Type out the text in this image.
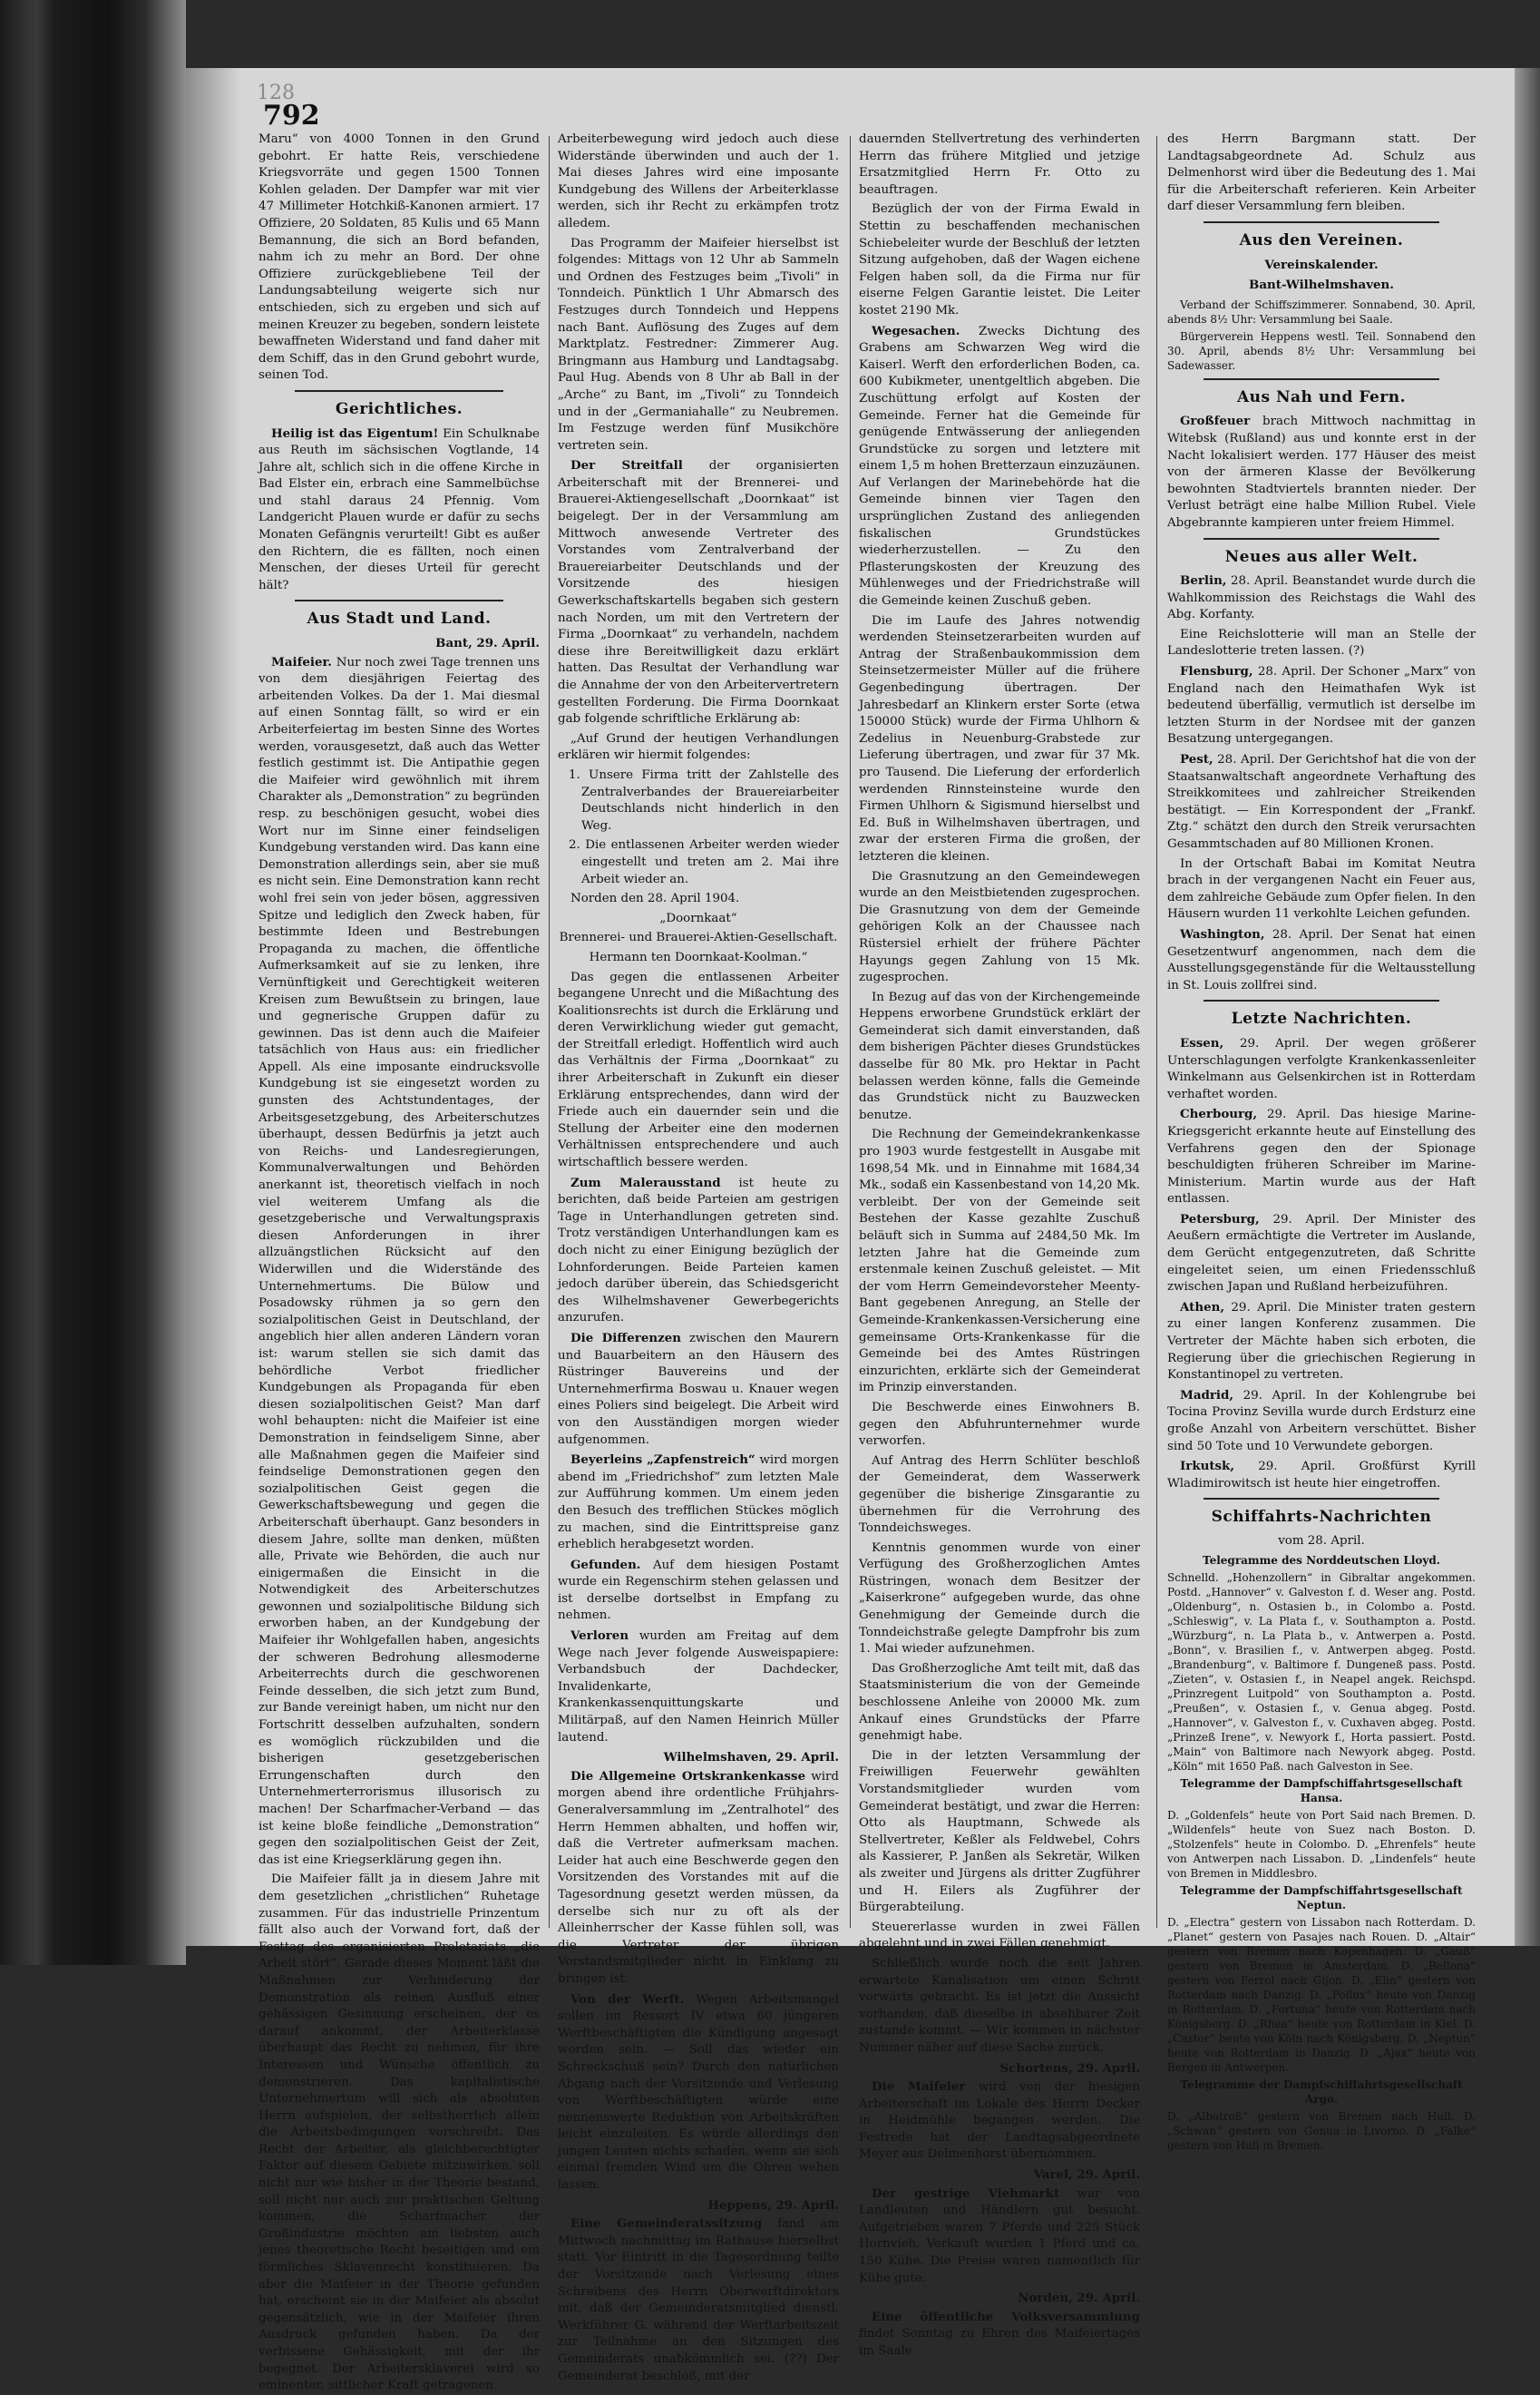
128
792

Maru“ von 4000 Tonnen in den Grund gebohrt. Er hatte Reis, verschiedene Kriegsvorräte und gegen 1500 Tonnen Kohlen geladen. Der Dampfer war mit vier 47 Millimeter Hotchkiß-Kanonen armiert. 17 Offiziere, 20 Soldaten, 85 Kulis und 65 Mann Bemannung, die sich an Bord befanden, nahm ich zu mehr an Bord. Der ohne Offiziere zurückgebliebene Teil der Landungsabteilung weigerte sich nur entschieden, sich zu ergeben und sich auf meinen Kreuzer zu begeben, sondern leistete bewaffneten Widerstand und fand daher mit dem Schiff, das in den Grund gebohrt wurde, seinen Tod.

Gerichtliches.

Heilig ist das Eigentum! Ein Schulknabe aus Reuth im sächsischen Vogtlande, 14 Jahre alt, schlich sich in die offene Kirche in Bad Elster ein, erbrach eine Sammelbüchse und stahl daraus 24 Pfennig. Vom Landgericht Plauen wurde er dafür zu sechs Monaten Gefängnis verurteilt! Gibt es außer den Richtern, die es fällten, noch einen Menschen, der dieses Urteil für gerecht hält?

Aus Stadt und Land.
Bant, 29. April.

Maifeier. Nur noch zwei Tage trennen uns von dem diesjährigen Feiertag des arbeitenden Volkes. Da der 1. Mai diesmal auf einen Sonntag fällt, so wird er ein Arbeiterfeiertag im besten Sinne des Wortes werden, vorausgesetzt, daß auch das Wetter festlich gestimmt ist. Die Antipathie gegen die Maifeier wird gewöhnlich mit ihrem Charakter als „Demonstration“ zu begründen resp. zu beschönigen gesucht, wobei dies Wort nur im Sinne einer feindseligen Kundgebung verstanden wird. Das kann eine Demonstration allerdings sein, aber sie muß es nicht sein. Eine Demonstration kann recht wohl frei sein von jeder bösen, aggressiven Spitze und lediglich den Zweck haben, für bestimmte Ideen und Bestrebungen Propaganda zu machen, die öffentliche Aufmerksamkeit auf sie zu lenken, ihre Vernünftigkeit und Gerechtigkeit weiteren Kreisen zum Bewußtsein zu bringen, laue und gegnerische Gruppen dafür zu gewinnen. Das ist denn auch die Maifeier tatsächlich von Haus aus: ein friedlicher Appell. Als eine imposante eindrucksvolle Kundgebung ist sie eingesetzt worden zu gunsten des Achtstundentages, der Arbeitsgesetzgebung, des Arbeiterschutzes überhaupt, dessen Bedürfnis ja jetzt auch von Reichs- und Landesregierungen, Kommunalverwaltungen und Behörden anerkannt ist, theoretisch vielfach in noch viel weiterem Umfang als die gesetzgeberische und Verwaltungspraxis diesen Anforderungen in ihrer allzuängstlichen Rücksicht auf den Widerwillen und die Widerstände des Unternehmertums. Die Bülow und Posadowsky rühmen ja so gern den sozialpolitischen Geist in Deutschland, der angeblich hier allen anderen Ländern voran ist: warum stellen sie sich damit das behördliche Verbot friedlicher Kundgebungen als Propaganda für eben diesen sozialpolitischen Geist? Man darf wohl behaupten: nicht die Maifeier ist eine Demonstration in feindseligem Sinne, aber alle Maßnahmen gegen die Maifeier sind feindselige Demonstrationen gegen den sozialpolitischen Geist gegen die Gewerkschaftsbewegung und gegen die Arbeiterschaft überhaupt. Ganz besonders in diesem Jahre, sollte man denken, müßten alle, Private wie Behörden, die auch nur einigermaßen die Einsicht in die Notwendigkeit des Arbeiterschutzes gewonnen und sozialpolitische Bildung sich erworben haben, an der Kundgebung der Maifeier ihr Wohlgefallen haben, angesichts der schweren Bedrohung allesmoderne Arbeiterrechts durch die geschworenen Feinde desselben, die sich jetzt zum Bund, zur Bande vereinigt haben, um nicht nur den Fortschritt desselben aufzuhalten, sondern es womöglich rückzubilden und die bisherigen gesetzgeberischen Errungenschaften durch den Unternehmerterrorismus illusorisch zu machen! Der Scharfmacher-Verband — das ist keine bloße feindliche „Demonstration“ gegen den sozialpolitischen Geist der Zeit, das ist eine Kriegserklärung gegen ihn.

Die Maifeier fällt ja in diesem Jahre mit dem gesetzlichen „christlichen“ Ruhetage zusammen. Für das industrielle Prinzentum fällt also auch der Vorwand fort, daß der Festtag des organisierten Proletariats „die Arbeit stört“. Gerade dieses Moment läßt die Maßnahmen zur Verhinderung der Demonstration als reinen Ausfluß einer gehässigen Gesinnung erscheinen, der es darauf ankommt, der Arbeiterklasse überhaupt das Recht zu nehmen, für ihre Interessen und Wünsche öffentlich zu demonstrieren. Das kapitalistische Unternehmertum will sich als absoluten Herrn aufspielen, der selbstherrlich allein die Arbeitsbedingungen vorschreibt. Das Recht der Arbeiter, als gleichberechtigter Faktor auf diesem Gebiete mitzuwirken, soll nicht nur wie bisher in der Theorie bestand, soll nicht nur auch zur praktischen Geltung kommen, die Scharfmacher der Großindustrie möchten am liebsten auch jenes theoretische Recht beseitigen und ein förmliches Sklavenrecht konstituieren. Da aber die Maifeier in der Theorie gefunden hat, erscheint sie in der Maifeier als absolut gegensätzlich, wie in der Maifeier ihren Ausdruck gefunden haben. Da der verbissene Gehässigkeit, mit der ihr begegnet. Der Arbeitersklaverei wird so eminenter, sittlicher Kraft getragenen

Arbeiterbewegung wird jedoch auch diese Widerstände überwinden und auch der 1. Mai dieses Jahres wird eine imposante Kundgebung des Willens der Arbeiterklasse werden, sich ihr Recht zu erkämpfen trotz alledem.

Das Programm der Maifeier hierselbst ist folgendes: Mittags von 12 Uhr ab Sammeln und Ordnen des Festzuges beim „Tivoli“ in Tonndeich. Pünktlich 1 Uhr Abmarsch des Festzuges durch Tonndeich und Heppens nach Bant. Auflösung des Zuges auf dem Marktplatz. Festredner: Zimmerer Aug. Bringmann aus Hamburg und Landtagsabg. Paul Hug. Abends von 8 Uhr ab Ball in der „Arche“ zu Bant, im „Tivoli“ zu Tonndeich und in der „Germaniahalle“ zu Neubremen. Im Festzuge werden fünf Musikchöre vertreten sein.

Der Streitfall der organisierten Arbeiterschaft mit der Brennerei- und Brauerei-Aktiengesellschaft „Doornkaat“ ist beigelegt. Der in der Versammlung am Mittwoch anwesende Vertreter des Vorstandes vom Zentralverband der Brauereiarbeiter Deutschlands und der Vorsitzende des hiesigen Gewerkschaftskartells begaben sich gestern nach Norden, um mit den Vertretern der Firma „Doornkaat“ zu verhandeln, nachdem diese ihre Bereitwilligkeit dazu erklärt hatten. Das Resultat der Verhandlung war die Annahme der von den Arbeitervertretern gestellten Forderung. Die Firma Doornkaat gab folgende schriftliche Erklärung ab:

„Auf Grund der heutigen Verhandlungen erklären wir hiermit folgendes:

1. Unsere Firma tritt der Zahlstelle des Zentralverbandes der Brauereiarbeiter Deutschlands nicht hinderlich in den Weg.

2. Die entlassenen Arbeiter werden wieder eingestellt und treten am 2. Mai ihre Arbeit wieder an.

Norden den 28. April 1904.

„Doornkaat“

Brennerei- und Brauerei-Aktien-Gesellschaft.

Hermann ten Doornkaat-Koolman.“

Das gegen die entlassenen Arbeiter begangene Unrecht und die Mißachtung des Koalitionsrechts ist durch die Erklärung und deren Verwirklichung wieder gut gemacht, der Streitfall erledigt. Hoffentlich wird auch das Verhältnis der Firma „Doornkaat“ zu ihrer Arbeiterschaft in Zukunft ein dieser Erklärung entsprechendes, dann wird der Friede auch ein dauernder sein und die Stellung der Arbeiter eine den modernen Verhältnissen entsprechendere und auch wirtschaftlich bessere werden.

Zum Malerausstand ist heute zu berichten, daß beide Parteien am gestrigen Tage in Unterhandlungen getreten sind. Trotz verständigen Unterhandlungen kam es doch nicht zu einer Einigung bezüglich der Lohnforderungen. Beide Parteien kamen jedoch darüber überein, das Schiedsgericht des Wilhelmshavener Gewerbegerichts anzurufen.

Die Differenzen zwischen den Maurern und Bauarbeitern an den Häusern des Rüstringer Bauvereins und der Unternehmerfirma Boswau u. Knauer wegen eines Poliers sind beigelegt. Die Arbeit wird von den Ausständigen morgen wieder aufgenommen.

Beyerleins „Zapfenstreich“ wird morgen abend im „Friedrichshof“ zum letzten Male zur Aufführung kommen. Um einem jeden den Besuch des trefflichen Stückes möglich zu machen, sind die Eintrittspreise ganz erheblich herabgesetzt worden.

Gefunden. Auf dem hiesigen Postamt wurde ein Regenschirm stehen gelassen und ist derselbe dortselbst in Empfang zu nehmen.

Verloren wurden am Freitag auf dem Wege nach Jever folgende Ausweispapiere: Verbandsbuch der Dachdecker, Invalidenkarte, Krankenkassenquittungskarte und Militärpaß, auf den Namen Heinrich Müller lautend.

Wilhelmshaven, 29. April.

Die Allgemeine Ortskrankenkasse wird morgen abend ihre ordentliche Frühjahrs-Generalversammlung im „Zentralhotel“ des Herrn Hemmen abhalten, und hoffen wir, daß die Vertreter aufmerksam machen. Leider hat auch eine Beschwerde gegen den Vorsitzenden des Vorstandes mit auf die Tagesordnung gesetzt werden müssen, da derselbe sich nur zu oft als der Alleinherrscher der Kasse fühlen soll, was die Vertreter der übrigen Vorstandsmitglieder nicht in Einklang zu bringen ist.

Von der Werft. Wegen Arbeitsmangel sollen im Ressort IV etwa 60 jüngeren Werftbeschäftigten die Kündigung angesagt worden sein. — Soll das wieder ein Schreckschuß sein? Durch den natürlichen Abgang nach der Vorsitzende und Verlesung von Werftbeschäftigten würde eine nennenswerte Reduktion von Arbeitskräften leicht einzuleiten. Es würde allerdings den jungen Leuten nichts schaden, wenn sie sich einmal fremden Wind um die Ohren wehen lassen.

Heppens, 29. April.

Eine Gemeinderatssitzung fand am Mittwoch nachmittag im Rathause hierselbst statt. Vor Eintritt in die Tagesordnung teilte der Vorsitzende nach Verlesung eines Schreibens des Herrn Oberwerftdirektors mit, daß der Gemeinderatsmitglied dienstl. Werkführer G. während der Werftarbeitszeit zur Teilnahme an den Sitzungen des Gemeinderats unabkömmlich sei. (??) Der Gemeinderat beschloß, mit der

dauernden Stellvertretung des verhinderten Herrn das frühere Mitglied und jetzige Ersatzmitglied Herrn Fr. Otto zu beauftragen.

Bezüglich der von der Firma Ewald in Stettin zu beschaffenden mechanischen Schiebeleiter wurde der Beschluß der letzten Sitzung aufgehoben, daß der Wagen eichene Felgen haben soll, da die Firma nur für eiserne Felgen Garantie leistet. Die Leiter kostet 2190 Mk.

Wegesachen. Zwecks Dichtung des Grabens am Schwarzen Weg wird die Kaiserl. Werft den erforderlichen Boden, ca. 600 Kubikmeter, unentgeltlich abgeben. Die Zuschüttung erfolgt auf Kosten der Gemeinde. Ferner hat die Gemeinde für genügende Entwässerung der anliegenden Grundstücke zu sorgen und letztere mit einem 1,5 m hohen Bretterzaun einzuzäunen. Auf Verlangen der Marinebehörde hat die Gemeinde binnen vier Tagen den ursprünglichen Zustand des anliegenden fiskalischen Grundstückes wiederherzustellen. — Zu den Pflasterungskosten der Kreuzung des Mühlenweges und der Friedrichstraße will die Gemeinde keinen Zuschuß geben.

Die im Laufe des Jahres notwendig werdenden Steinsetzerarbeiten wurden auf Antrag der Straßenbaukommission dem Steinsetzermeister Müller auf die frühere Gegenbedingung übertragen. Der Jahresbedarf an Klinkern erster Sorte (etwa 150000 Stück) wurde der Firma Uhlhorn & Zedelius in Neuenburg-Grabstede zur Lieferung übertragen, und zwar für 37 Mk. pro Tausend. Die Lieferung der erforderlich werdenden Rinnsteinsteine wurde den Firmen Uhlhorn & Sigismund hierselbst und Ed. Buß in Wilhelmshaven übertragen, und zwar der ersteren Firma die großen, der letzteren die kleinen.

Die Grasnutzung an den Gemeindewegen wurde an den Meistbietenden zugesprochen. Die Grasnutzung von dem der Gemeinde gehörigen Kolk an der Chaussee nach Rüstersiel erhielt der frühere Pächter Hayungs gegen Zahlung von 15 Mk. zugesprochen.

In Bezug auf das von der Kirchengemeinde Heppens erworbene Grundstück erklärt der Gemeinderat sich damit einverstanden, daß dem bisherigen Pächter dieses Grundstückes dasselbe für 80 Mk. pro Hektar in Pacht belassen werden könne, falls die Gemeinde das Grundstück nicht zu Bauzwecken benutze.

Die Rechnung der Gemeindekrankenkasse pro 1903 wurde festgestellt in Ausgabe mit 1698,54 Mk. und in Einnahme mit 1684,34 Mk., sodaß ein Kassenbestand von 14,20 Mk. verbleibt. Der von der Gemeinde seit Bestehen der Kasse gezahlte Zuschuß beläuft sich in Summa auf 2484,50 Mk. Im letzten Jahre hat die Gemeinde zum erstenmale keinen Zuschuß geleistet. — Mit der vom Herrn Gemeindevorsteher Meenty-Bant gegebenen Anregung, an Stelle der Gemeinde-Krankenkassen-Versicherung eine gemeinsame Orts-Krankenkasse für die Gemeinde bei des Amtes Rüstringen einzurichten, erklärte sich der Gemeinderat im Prinzip einverstanden.

Die Beschwerde eines Einwohners B. gegen den Abfuhrunternehmer wurde verworfen.

Auf Antrag des Herrn Schlüter beschloß der Gemeinderat, dem Wasserwerk gegenüber die bisherige Zinsgarantie zu übernehmen für die Verrohrung des Tonndeichsweges.

Kenntnis genommen wurde von einer Verfügung des Großherzoglichen Amtes Rüstringen, wonach dem Besitzer der „Kaiserkrone“ aufgegeben wurde, das ohne Genehmigung der Gemeinde durch die Tonndeichstraße gelegte Dampfrohr bis zum 1. Mai wieder aufzunehmen.

Das Großherzogliche Amt teilt mit, daß das Staatsministerium die von der Gemeinde beschlossene Anleihe von 20000 Mk. zum Ankauf eines Grundstücks der Pfarre genehmigt habe.

Die in der letzten Versammlung der Freiwilligen Feuerwehr gewählten Vorstandsmitglieder wurden vom Gemeinderat bestätigt, und zwar die Herren: Otto als Hauptmann, Schwede als Stellvertreter, Keßler als Feldwebel, Cohrs als Kassierer, P. Janßen als Sekretär, Wilken als zweiter und Jürgens als dritter Zugführer und H. Eilers als Zugführer der Bürgerabteilung.

Steuererlasse wurden in zwei Fällen abgelehnt und in zwei Fällen genehmigt.

Schließlich wurde noch die seit Jahren erwartete Kanalisation um einen Schritt vorwärts gebracht. Es ist jetzt die Aussicht vorhanden, daß dieselbe in absehbarer Zeit zustande kommt. — Wir kommen in nächster Nummer näher auf diese Sache zurück.

Schortens, 29. April.

Die Maifeier wird von der hiesigen Arbeiterschaft im Lokale des Herrn Decker in Heidmühle begangen werden. Die Festrede hat der Landtagsabgeordnete Meyer aus Delmenhorst übernommen.

Varel, 29. April.

Der gestrige Viehmarkt war von Landleuten und Händlern gut besucht. Aufgetrieben waren 7 Pferde und 225 Stück Hornvieh. Verkauft wurden 1 Pferd und ca. 150 Kühe. Die Preise waren namentlich für Kühe gute.

Norden, 29. April.

Eine öffentliche Volksversammlung findet Sonntag zu Ehren des Maifeiertages im Saale

des Herrn Bargmann statt. Der Landtagsabgeordnete Ad. Schulz aus Delmenhorst wird über die Bedeutung des 1. Mai für die Arbeiterschaft referieren. Kein Arbeiter darf dieser Versammlung fern bleiben.

Aus den Vereinen.

Vereinskalender.

Bant-Wilhelmshaven.

Verband der Schiffszimmerer. Sonnabend, 30. April, abends 8½ Uhr: Versammlung bei Saale.

Bürgerverein Heppens westl. Teil. Sonnabend den 30. April, abends 8½ Uhr: Versammlung bei Sadewasser.

Aus Nah und Fern.

Großfeuer brach Mittwoch nachmittag in Witebsk (Rußland) aus und konnte erst in der Nacht lokalisiert werden. 177 Häuser des meist von der ärmeren Klasse der Bevölkerung bewohnten Stadtviertels brannten nieder. Der Verlust beträgt eine halbe Million Rubel. Viele Abgebrannte kampieren unter freiem Himmel.

Neues aus aller Welt.

Berlin, 28. April. Beanstandet wurde durch die Wahlkommission des Reichstags die Wahl des Abg. Korfanty.

Eine Reichslotterie will man an Stelle der Landeslotterie treten lassen. (?)

Flensburg, 28. April. Der Schoner „Marx“ von England nach den Heimathafen Wyk ist bedeutend überfällig, vermutlich ist derselbe im letzten Sturm in der Nordsee mit der ganzen Besatzung untergegangen.

Pest, 28. April. Der Gerichtshof hat die von der Staatsanwaltschaft angeordnete Verhaftung des Streikkomitees und zahlreicher Streikenden bestätigt. — Ein Korrespondent der „Frankf. Ztg.“ schätzt den durch den Streik verursachten Gesammtschaden auf 80 Millionen Kronen.

In der Ortschaft Babai im Komitat Neutra brach in der vergangenen Nacht ein Feuer aus, dem zahlreiche Gebäude zum Opfer fielen. In den Häusern wurden 11 verkohlte Leichen gefunden.

Washington, 28. April. Der Senat hat einen Gesetzentwurf angenommen, nach dem die Ausstellungsgegenstände für die Weltausstellung in St. Louis zollfrei sind.

Letzte Nachrichten.

Essen, 29. April. Der wegen größerer Unterschlagungen verfolgte Krankenkassenleiter Winkelmann aus Gelsenkirchen ist in Rotterdam verhaftet worden.

Cherbourg, 29. April. Das hiesige Marine-Kriegsgericht erkannte heute auf Einstellung des Verfahrens gegen den der Spionage beschuldigten früheren Schreiber im Marine-Ministerium. Martin wurde aus der Haft entlassen.

Petersburg, 29. April. Der Minister des Aeußern ermächtigte die Vertreter im Auslande, dem Gerücht entgegenzutreten, daß Schritte eingeleitet seien, um einen Friedensschluß zwischen Japan und Rußland herbeizuführen.

Athen, 29. April. Die Minister traten gestern zu einer langen Konferenz zusammen. Die Vertreter der Mächte haben sich erboten, die Regierung über die griechischen Regierung in Konstantinopel zu vertreten.

Madrid, 29. April. In der Kohlengrube bei Tocina Provinz Sevilla wurde durch Erdsturz eine große Anzahl von Arbeitern verschüttet. Bisher sind 50 Tote und 10 Verwundete geborgen.

Irkutsk, 29. April. Großfürst Kyrill Wladimirowitsch ist heute hier eingetroffen.

Schiffahrts-Nachrichten

vom 28. April.

Telegramme des Norddeutschen Lloyd.

Schnelld. „Hohenzollern“ in Gibraltar angekommen. Postd. „Hannover“ v. Galveston f. d. Weser ang. Postd. „Oldenburg“, n. Ostasien b., in Colombo a. Postd. „Schleswig“, v. La Plata f., v. Southampton a. Postd. „Würzburg“, n. La Plata b., v. Antwerpen a. Postd. „Bonn“, v. Brasilien f., v. Antwerpen abgeg. Postd. „Brandenburg“, v. Baltimore f. Dungeneß pass. Postd. „Zieten“, v. Ostasien f., in Neapel angek. Reichspd. „Prinzregent Luitpold“ von Southampton a. Postd. „Preußen“, v. Ostasien f., v. Genua abgeg. Postd. „Hannover“, v. Galveston f., v. Cuxhaven abgeg. Postd. „Prinzeß Irene“, v. Newyork f., Horta passiert. Postd. „Main“ von Baltimore nach Newyork abgeg. Postd. „Köln“ mit 1650 Paß. nach Galveston in See.

Telegramme der Dampfschiffahrtsgesellschaft Hansa.

D. „Goldenfels“ heute von Port Said nach Bremen. D. „Wildenfels“ heute von Suez nach Boston. D. „Stolzenfels“ heute in Colombo. D. „Ehrenfels“ heute von Antwerpen nach Lissabon. D. „Lindenfels“ heute von Bremen in Middlesbro.

Telegramme der Dampfschiffahrtsgesellschaft Neptun.

D. „Electra“ gestern von Lissabon nach Rotterdam. D. „Planet“ gestern von Pasajes nach Rouen. D. „Altair“ gestern von Bremen nach Kopenhagen. D. „Gauß“ gestern von Bremen in Amsterdam. D. „Bellona“ gestern von Ferrol nach Gijon. D. „Elin“ gestern von Rotterdam nach Danzig. D. „Pollux“ heute von Danzig in Rotterdam. D. „Fortuna“ heute von Rotterdam nach Königsberg. D. „Rhea“ heute von Rotterdam in Kiel. D. „Castor“ heute von Köln nach Königsberg. D. „Neptun“ heute von Rotterdam in Danzig. D. „Ajax“ heute von Bergen in Antwerpen.

Telegramme der Dampfschiffahrtsgesellschaft Argo.

D. „Albatroß“ gestern von Bremen nach Hull. D. „Schwan“ gestern von Genua in Livorno. D. „Falke“ gestern von Hull in Bremen.
